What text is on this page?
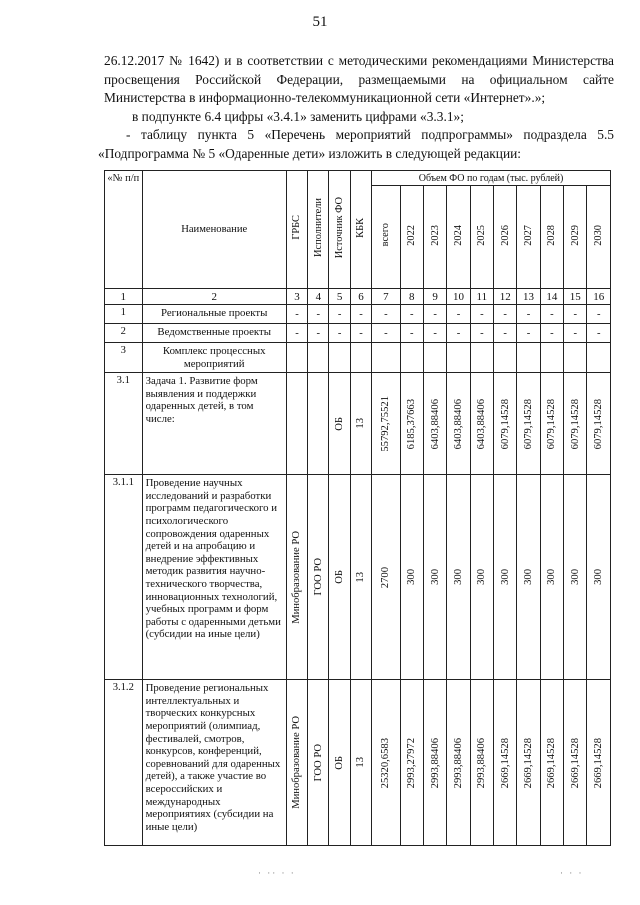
51

26.12.2017 № 1642) и в соответствии с методическими рекомендациями Министерства просвещения Российской Федерации, размещаемыми на официальном сайте Министерства в информационно-телекоммуникационной сети «Интернет».»;

в подпункте 6.4 цифры «3.4.1» заменить цифрами «3.3.1»;

- таблицу пункта 5 «Перечень мероприятий подпрограммы» подраздела 5.5 «Подпрограмма № 5 «Одаренные дети» изложить в следующей редакции:

«№ п/п	Наименование	ГРБС	Исполнители	Источник ФО	КБК	Объем ФО по годам (тыс. рублей)									

						всего	2022	2023	2024	2025	2026	2027	2028	2029	2030

1	2	3	4	5	6	7	8	9	10	11	12	13	14	15	16
1	Региональные проекты	-	-	-	-	-	-	-	-	-	-	-	-	-	-
2	Ведомственные проекты	-	-	-	-	-	-	-	-	-	-	-	-	-	-
3	Комплекс процессных мероприятий														
3.1	Задача 1. Развитие форм выявления и поддержки одаренных детей, в том числе:			ОБ	13	55792,75521	6185,37663	6403,88406	6403,88406	6403,88406	6079,14528	6079,14528	6079,14528	6079,14528	6079,14528

3.1.1	Проведение научных исследований и разработки программ педагогического и психологического сопровождения одаренных детей и на апробацию и внедрение эффективных методик развития научно-технического творчества, инновационных технологий, учебных программ и форм работы с одаренными детьми (субсидии на иные цели)	Минобразование РО	ГОО РО	ОБ	13	2700	300	300	300	300	300	300	300	300	300

3.1.2	Проведение региональных интеллектуальных и творческих конкурсных мероприятий (олимпиад, фестивалей, смотров, конкурсов, конференций, соревнований для одаренных детей), а также участие во всероссийских и международных мероприятиях (субсидии на иные цели)	Минобразование РО	ГОО РО	ОБ	13	25320,6583	2993,27972	2993,88406	2993,88406	2993,88406	2669,14528	2669,14528	2669,14528	2669,14528	2669,14528
· ·· · ·	· · ·
